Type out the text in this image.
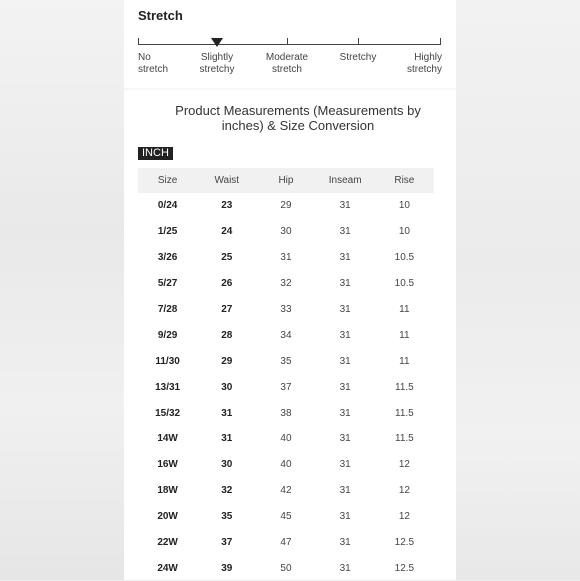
Stretch
No
stretch
Slightly
stretchy
Moderate
stretch
Stretchy	Highly
stretchy
Product Measurements (Measurements by inches) & Size Conversion
INCH
Size	Waist	Hip	Inseam	Rise
0/24	23	29	31	10
1/25	24	30	31	10
3/26	25	31	31	10.5
5/27	26	32	31	10.5
7/28	27	33	31	11
9/29	28	34	31	11
11/30	29	35	31	11
13/31	30	37	31	11.5
15/32	31	38	31	11.5
14W	31	40	31	11.5
16W	30	40	31	12
18W	32	42	31	12
20W	35	45	31	12
22W	37	47	31	12.5
24W	39	50	31	12.5
